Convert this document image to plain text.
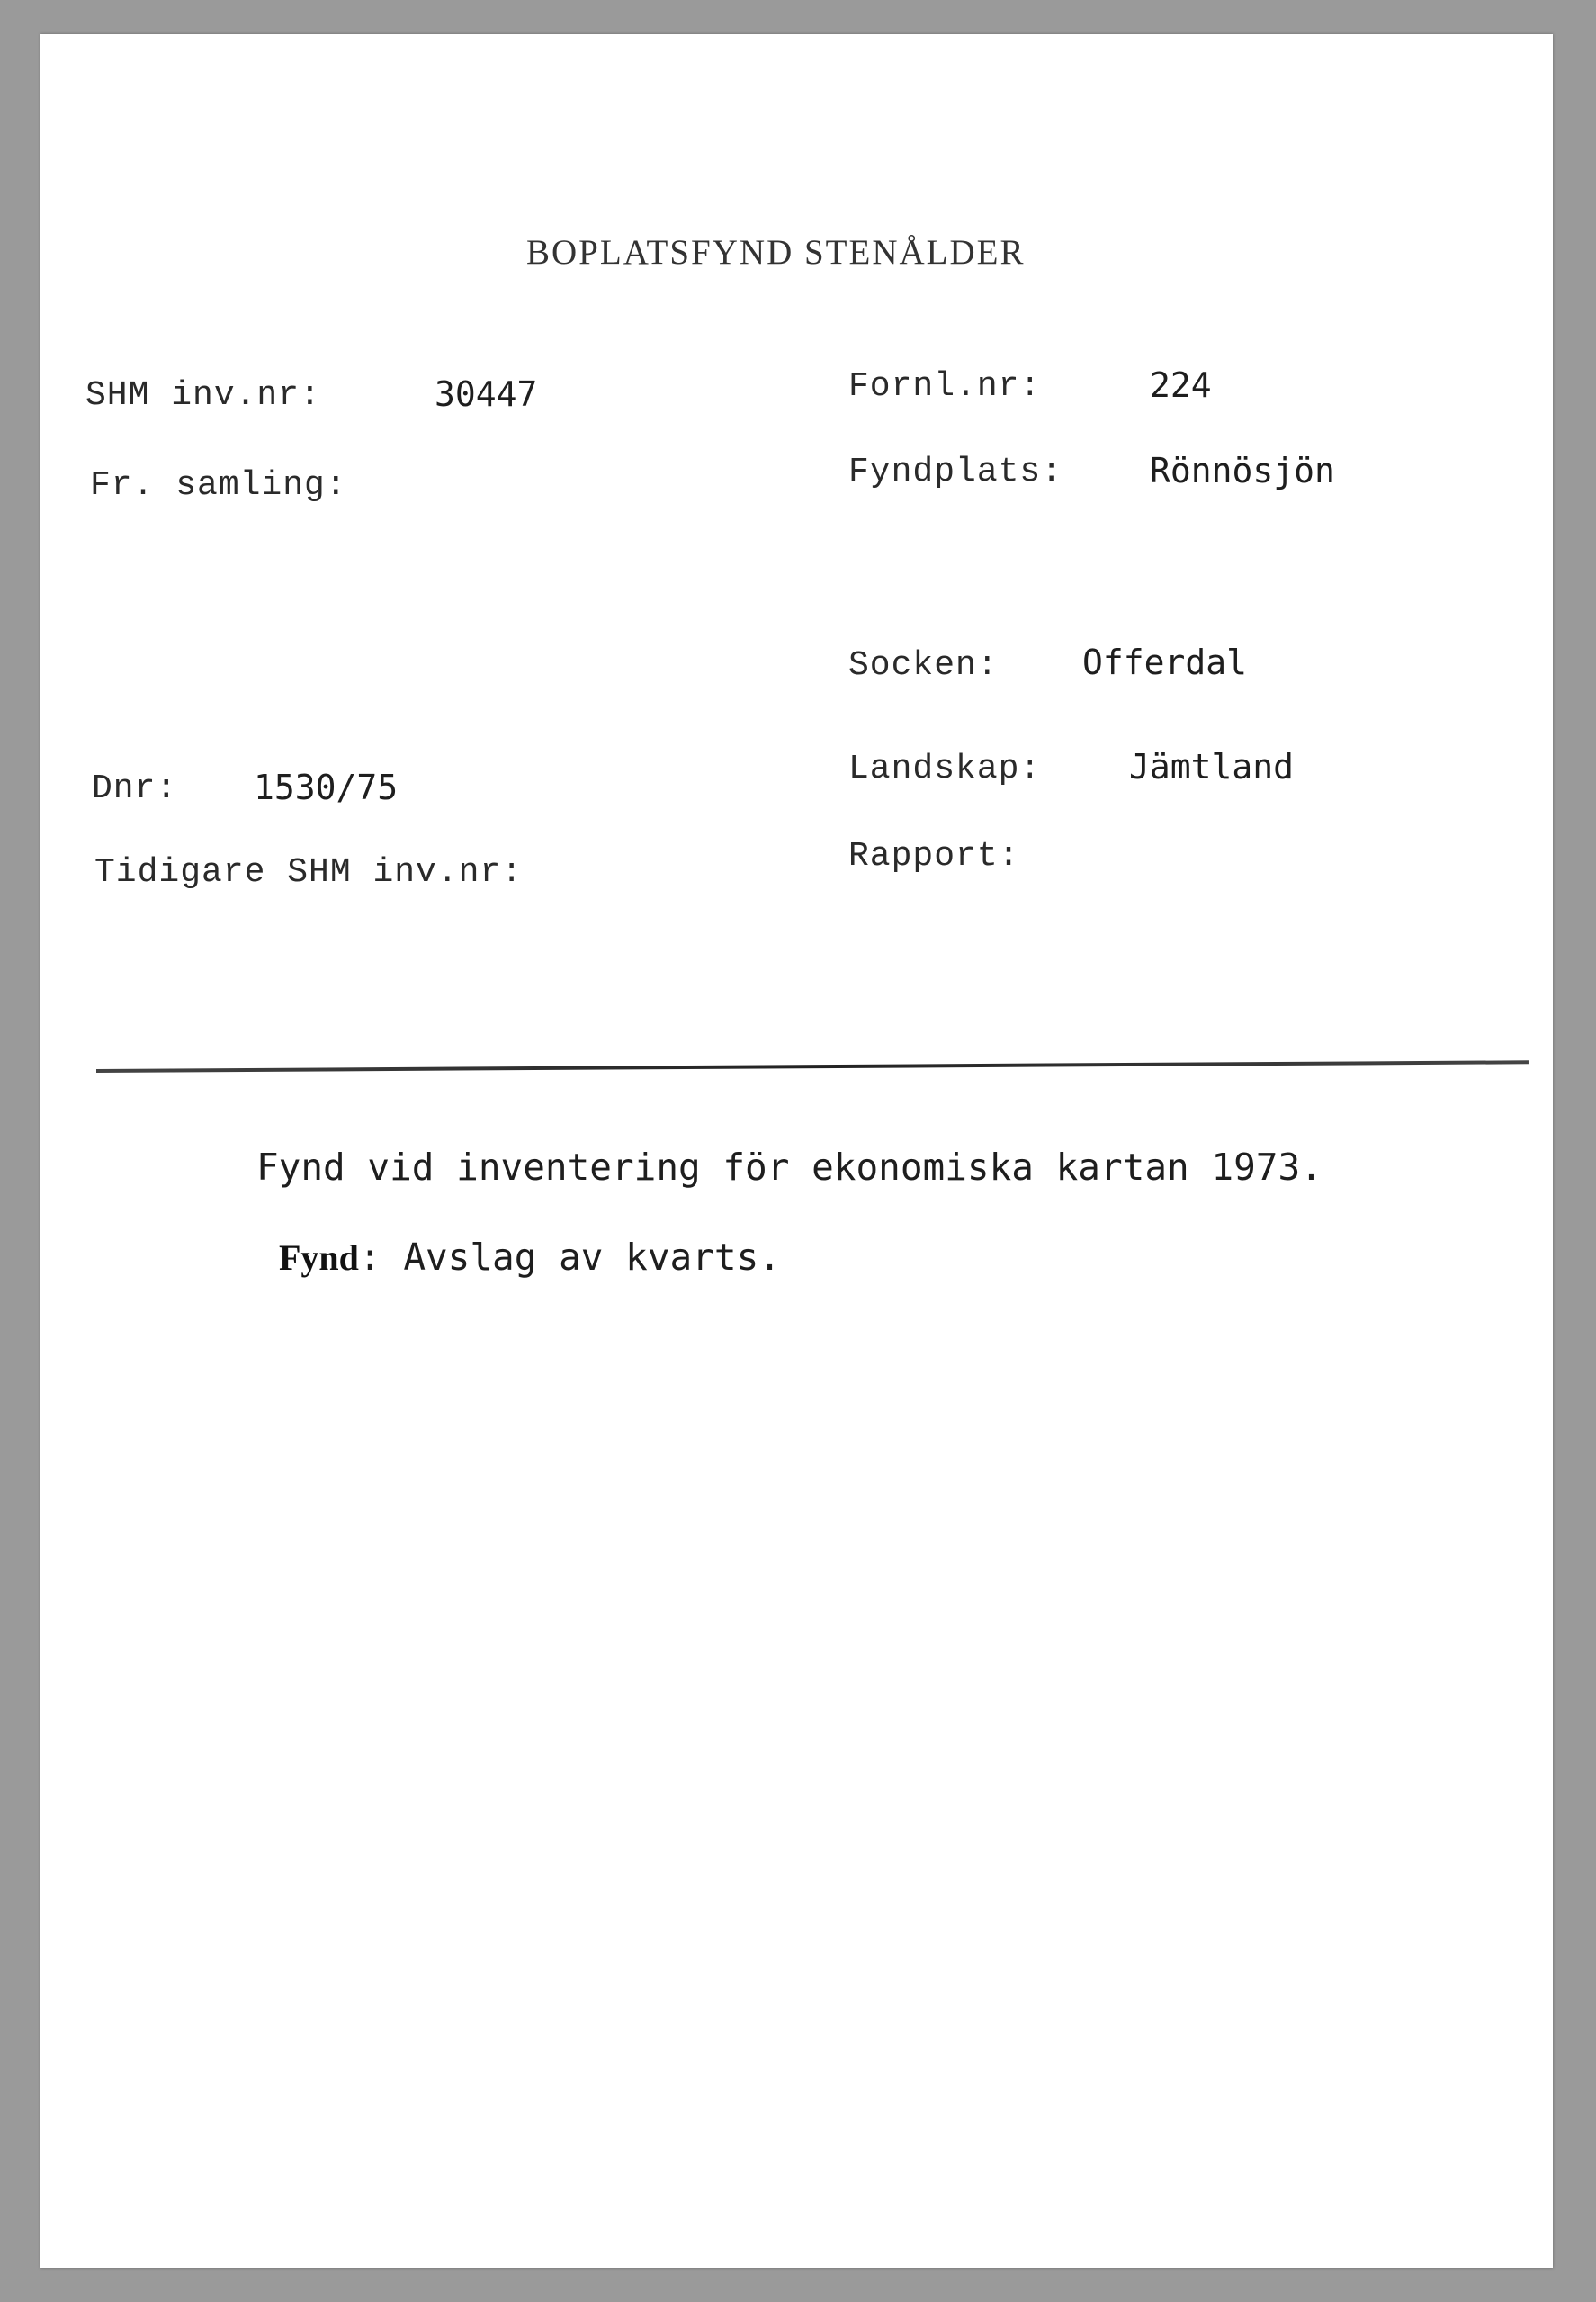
BOPLATSFYND STENÅLDER
SHM inv.nr:	30447
Fr. samling:
Dnr: 1530/75
Tidigare SHM inv.nr:
Fornl.nr:	224
Fyndplats:	Rönnösjön
Socken: Offerdal
Landskap:	Jämtland
Rapport:
Fynd vid inventering för ekonomiska kartan 1973.
Fynd: Avslag av kvarts.
